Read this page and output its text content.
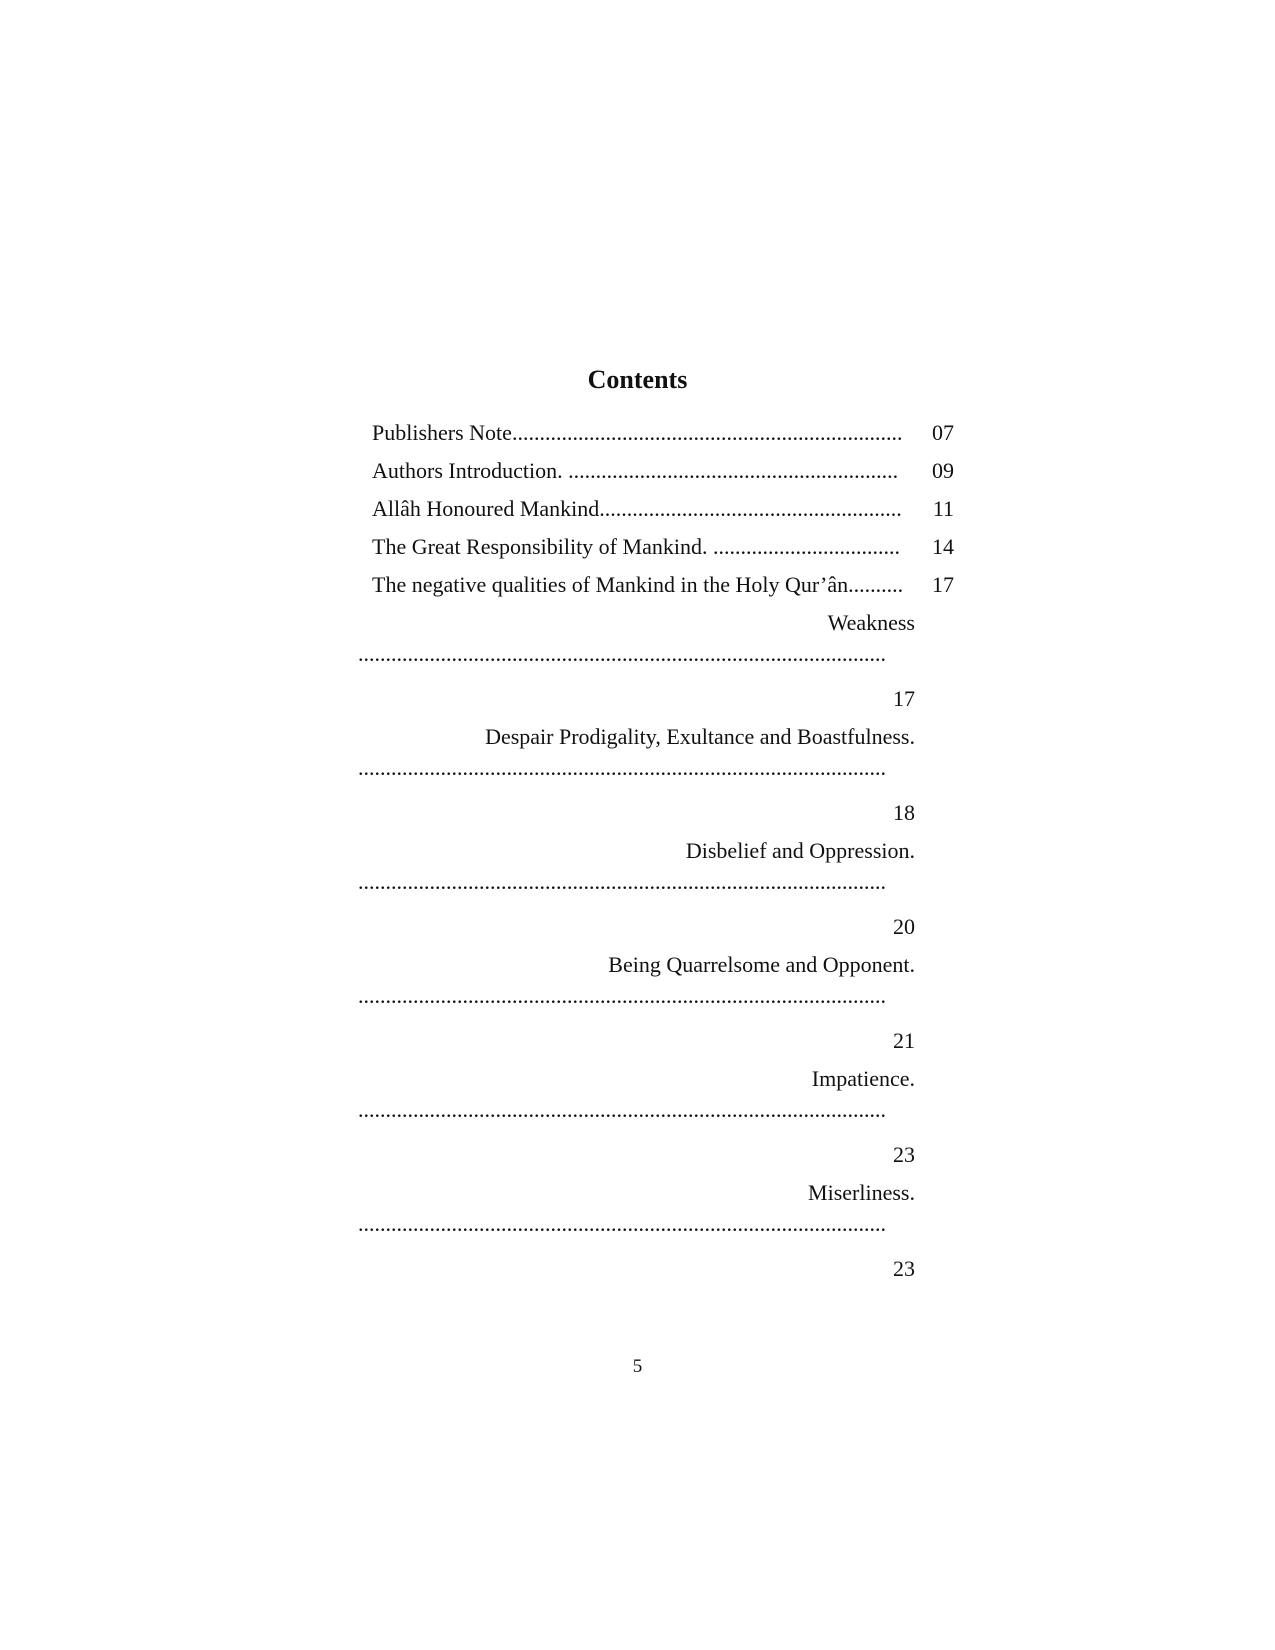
Contents
Publishers Note....................................................................... 07
Authors Introduction. ............................................................ 09
Allâh Honoured Mankind....................................................... 11
The Great Responsibility of Mankind. .................................. 14
The negative qualities of Mankind in the Holy Qur’ân.......... 17
Weakness
................................................................................................
17
Despair Prodigality, Exultance and Boastfulness.
................................................................................................
18
Disbelief and Oppression.
................................................................................................
20
Being Quarrelsome and Opponent.
................................................................................................
21
Impatience.
................................................................................................
23
Miserliness.
................................................................................................
23
5
